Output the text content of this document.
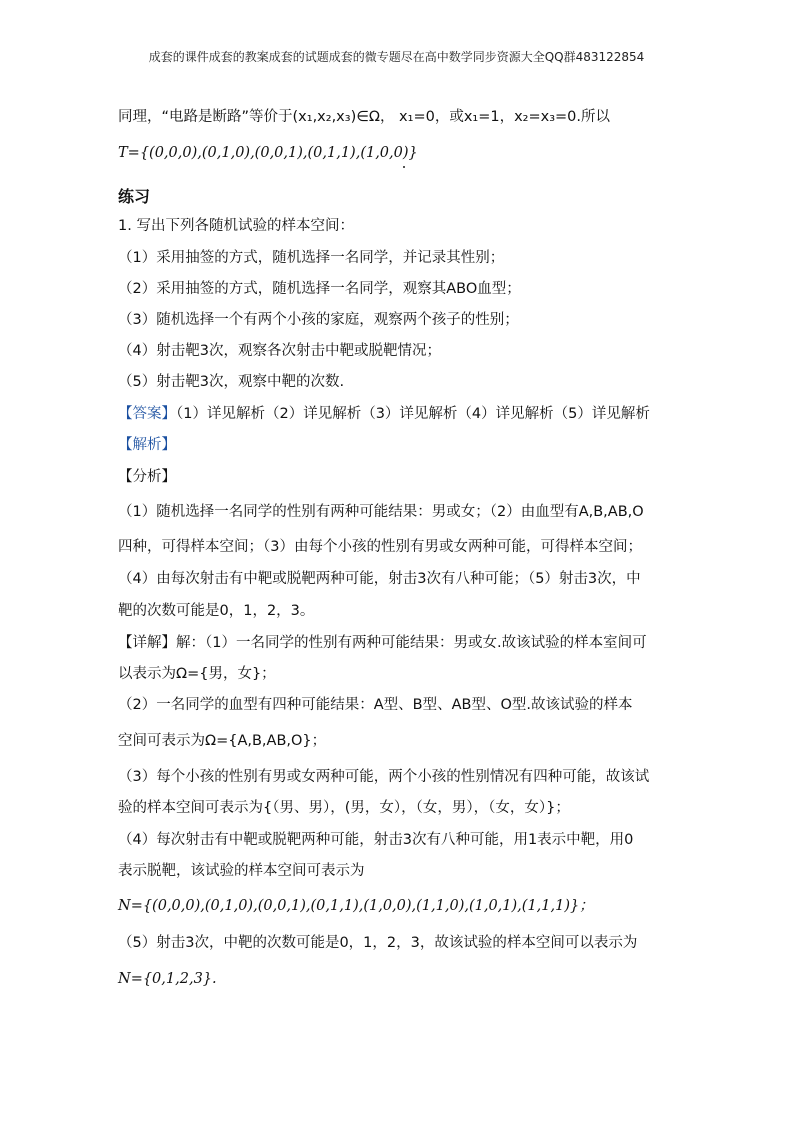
成套的课件成套的教案成套的试题成套的微专题尽在高中数学同步资源大全QQ群483122854
同理，“电路是断路”等价于(x₁,x₂,x₃)∈Ω， x₁=0，或x₁=1，x₂=x₃=0.所以
T={(0,0,0),(0,1,0),(0,0,1),(0,1,1),(1,0,0)}
练习
1. 写出下列各随机试验的样本空间：
（1）采用抽签的方式，随机选择一名同学，并记录其性别；
（2）采用抽签的方式，随机选择一名同学，观察其ABO血型；
（3）随机选择一个有两个小孩的家庭，观察两个孩子的性别；
（4）射击靶3次，观察各次射击中靶或脱靶情况；
（5）射击靶3次，观察中靶的次数.
【答案】（1）详见解析（2）详见解析（3）详见解析（4）详见解析（5）详见解析
【解析】
【分析】
（1）随机选择一名同学的性别有两种可能结果：男或女；（2）由血型有A,B,AB,O
四种，可得样本空间；（3）由每个小孩的性别有男或女两种可能，可得样本空间；
（4）由每次射击有中靶或脱靶两种可能，射击3次有八种可能；（5）射击3次，中
靶的次数可能是0，1，2，3。
【详解】解：（1）一名同学的性别有两种可能结果：男或女.故该试验的样本室间可
以表示为Ω={男，女}；
（2）一名同学的血型有四种可能结果：A型、B型、AB型、O型.故该试验的样本
空间可表示为Ω={A,B,AB,O}；
（3）每个小孩的性别有男或女两种可能，两个小孩的性别情况有四种可能，故该试
验的样本空间可表示为{（男、男），(男，女），（女，男），（女，女）}；
（4）每次射击有中靶或脱靶两种可能，射击3次有八种可能，用1表示中靶，用0
表示脱靶，该试验的样本空间可表示为
N={(0,0,0),(0,1,0),(0,0,1),(0,1,1),(1,0,0),(1,1,0),(1,0,1),(1,1,1)}；
（5）射击3次，中靶的次数可能是0，1，2，3，故该试验的样本空间可以表示为
N={0,1,2,3}.
